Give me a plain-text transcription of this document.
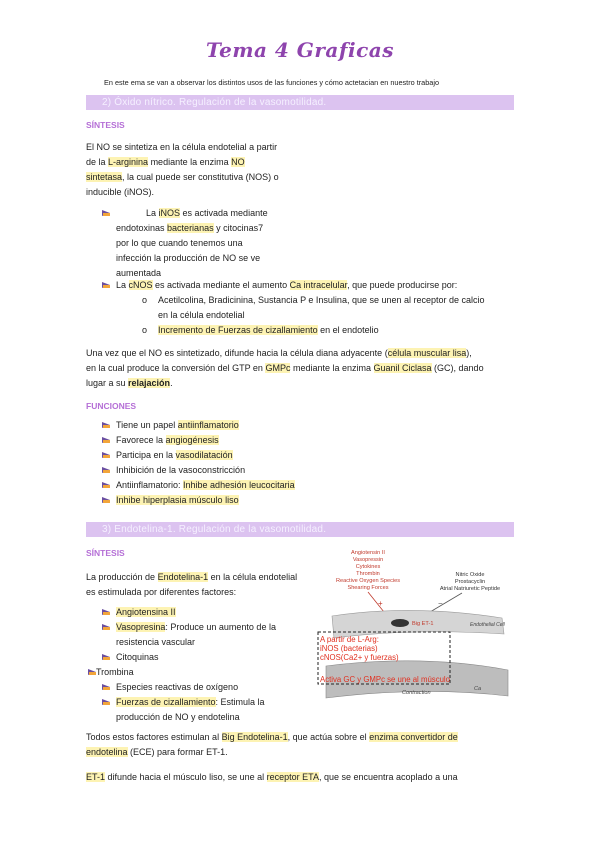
Tema 4 Graficas
En este ema se van a observar los distintos usos de las funciones y cómo actetacian en nuestro trabajo
2) Óxido nítrico. Regulación de la vasomotilidad.
SÍNTESIS
El NO se sintetiza en la célula endotelial a partir
de la L-arginina mediante la enzima NO
sintetasa, la cual puede ser constitutiva (NOS) o
inducible (iNOS).
La iNOS es activada mediante
endotoxinas bacterianas y citocinas7
por lo que cuando tenemos una
infección la producción de NO se ve
aumentada
La cNOS es activada mediante el aumento Ca intracelular, que puede producirse por:
o	Acetilcolina, Bradicinina, Sustancia P e Insulina, que se unen al receptor de calcio
en la célula endotelial
o	Incremento de Fuerzas de cizallamiento en el endotelio
Una vez que el NO es sintetizado, difunde hacia la célula diana adyacente (célula muscular lisa),
en la cual produce la conversión del GTP en GMPc mediante la enzima Guanil Ciclasa (GC), dando
lugar a su relajación.
FUNCIONES
Tiene un papel antiinflamatorio
Favorece la angiogénesis
Participa en la vasodilatación
Inhibición de la vasoconstricción
Antiinflamatorio: Inhibe adhesión leucocitaria
Inhibe hiperplasia músculo liso
3) Endotelina-1. Regulación de la vasomotilidad.
SÍNTESIS
La producción de Endotelina-1 en la célula endotelial
es estimulada por diferentes factores:
Angiotensina II
Vasopresina: Produce un aumento de la
resistencia vascular
Citoquinas
Trombina
Especies reactivas de oxígeno
Fuerzas de cizallamiento: Estimula la
producción de NO y endotelina
Todos estos factores estimulan al Big Endotelina-1, que actúa sobre el enzima convertidor de
endotelina (ECE) para formar ET-1.
ET-1 difunde hacia el músculo liso, se une al receptor ETA, que se encuentra acoplado a una
Angiotensin II
Vasopressin
Cytokines
Thrombin
Reactive Oxygen Species
Shearing Forces
Nitric Oxide
Prostacyclin
Atrial Natriuretic Peptide
+	−
Big ET-1	Endothelial Cell
Contraction
Ca
A partir de L-Arg:
iNOS (bacterias)
cNOS(Ca2+ y fuerzas)
Activa GC y GMPc se une al músculo
